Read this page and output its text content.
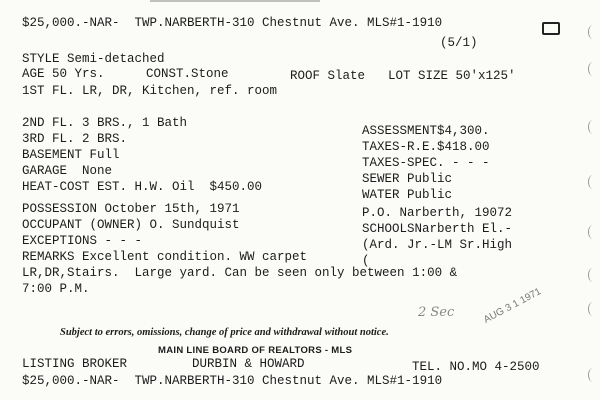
$25,000.-NAR-  TWP.NARBERTH-310 Chestnut Ave. MLS#1-1910
(5/1)
STYLE Semi-detached
AGE 50 Yrs.	CONST.Stone	ROOF Slate LOT SIZE 50'x125'
1ST FL. LR, DR, Kitchen, ref. room
2ND FL. 3 BRS., 1 Bath
3RD FL. 2 BRS.
BASEMENT Full
GARAGE  None
HEAT-COST EST. H.W. Oil  $450.00
POSSESSION October 15th, 1971
OCCUPANT (OWNER) O. Sundquist
EXCEPTIONS - - -
REMARKS Excellent condition. WW carpet
LR,DR,Stairs.  Large yard. Can be seen only between 1:00 &
7:00 P.M.
ASSESSMENT$4,300.
TAXES-R.E.$418.00
TAXES-SPEC. - - -
SEWER Public
WATER Public
P.O. Narberth, 19072
SCHOOLSNarberth El.-
(Ard. Jr.-LM Sr.High
(
2 Sec	AUG 3 1 1971
Subject to errors, omissions, change of price and withdrawal without notice.
MAIN LINE BOARD OF REALTORS - MLS
LISTING BROKER	DURBIN & HOWARD	TEL. NO.MO 4-2500
$25,000.-NAR-  TWP.NARBERTH-310 Chestnut Ave. MLS#1-1910
